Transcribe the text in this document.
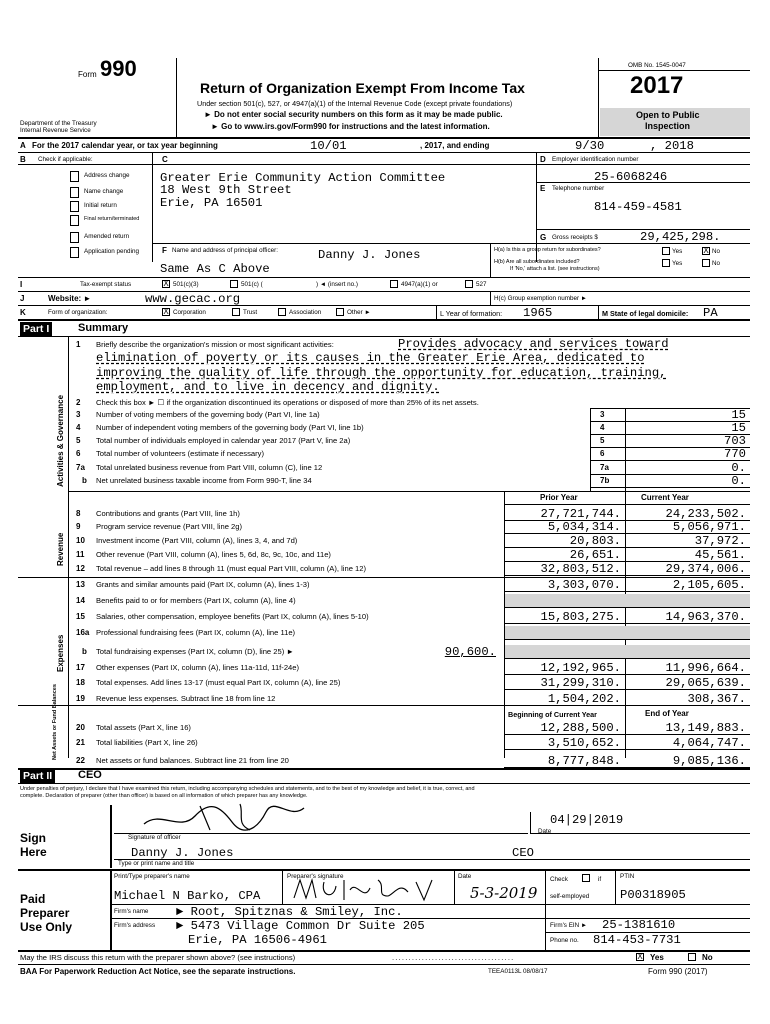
Form 990
Department of the Treasury
Internal Revenue Service
Return of Organization Exempt From Income Tax
Under section 501(c), 527, or 4947(a)(1) of the Internal Revenue Code (except private foundations)
► Do not enter social security numbers on this form as it may be made public.
► Go to www.irs.gov/Form990 for instructions and the latest information.
OMB No. 1545-0047
2017
Open to Public
Inspection
A For the 2017 calendar year, or tax year beginning	10/01	, 2017, and ending	9/30	, 2018
B Check if applicable:	C	D Employer identification number
Address change
Name change
Initial return
Final return/terminated
Amended return
Application pending
Greater Erie Community Action Committee
18 West 9th Street
Erie, PA 16501
25-6068246
E Telephone number
814-459-4581
G Gross receipts $	29,425,298.
F Name and address of principal officer:	Danny J. Jones
Same As C Above
H(a) Is this a group return for subordinates?	Yes	X No
H(b) Are all subordinates included?
If 'No,' attach a list. (see instructions)
Yes	No
I	Tax-exempt status	X 501(c)(3)	501(c) (	) ◄ (insert no.)	4947(a)(1) or	527
J	Website: ►	www.gecac.org	H(c) Group exemption number ►
K	Form of organization:	X Corporation	Trust	Association	Other ►	L Year of formation: 1965	M State of legal domicile: PA
Part I	Summary
Activities & Governance
Revenue
Expenses
Net Assets or Fund Balances
1 Briefly describe the organization's mission or most significant activities:	Provides advocacy and services toward
elimination of poverty or its causes in the Greater Erie Area, dedicated to
improving the quality of life through the opportunity for education, training,
employment, and to live in decency and dignity.
2 Check this box ► ☐ if the organization discontinued its operations or disposed of more than 25% of its net assets.
3 Number of voting members of the governing body (Part VI, line 1a)	3	15
4 Number of independent voting members of the governing body (Part VI, line 1b)	4	15
5 Total number of individuals employed in calendar year 2017 (Part V, line 2a)	5	703
6 Total number of volunteers (estimate if necessary)	6	770
7a Total unrelated business revenue from Part VIII, column (C), line 12	7a	0.
b Net unrelated business taxable income from Form 990-T, line 34	7b	0.
Prior Year	Current Year
8 Contributions and grants (Part VIII, line 1h)	27,721,744.	24,233,502.
9 Program service revenue (Part VIII, line 2g)	5,034,314.	5,056,971.
10 Investment income (Part VIII, column (A), lines 3, 4, and 7d)	20,803.	37,972.
11 Other revenue (Part VIII, column (A), lines 5, 6d, 8c, 9c, 10c, and 11e)	26,651.	45,561.
12 Total revenue – add lines 8 through 11 (must equal Part VIII, column (A), line 12)	32,803,512.	29,374,006.
13 Grants and similar amounts paid (Part IX, column (A), lines 1-3)	3,303,070.	2,105,605.
14 Benefits paid to or for members (Part IX, column (A), line 4)
15 Salaries, other compensation, employee benefits (Part IX, column (A), lines 5-10)	15,803,275.	14,963,370.
16a Professional fundraising fees (Part IX, column (A), line 11e)
b Total fundraising expenses (Part IX, column (D), line 25) ►	90,600.
17 Other expenses (Part IX, column (A), lines 11a-11d, 11f-24e)	12,192,965.	11,996,664.
18 Total expenses. Add lines 13-17 (must equal Part IX, column (A), line 25)	31,299,310.	29,065,639.
19 Revenue less expenses. Subtract line 18 from line 12	1,504,202.	308,367.
Beginning of Current Year	End of Year
20 Total assets (Part X, line 16)	12,288,500.	13,149,883.
21 Total liabilities (Part X, line 26)	3,510,652.	4,064,747.
22 Net assets or fund balances. Subtract line 21 from line 20	8,777,848.	9,085,136.
Part II CEO
Under penalties of perjury, I declare that I have examined this return, including accompanying schedules and statements, and to the best of my knowledge and belief, it is true, correct, and
complete. Declaration of preparer (other than officer) is based on all information of which preparer has any knowledge.
Sign
Here
Signature of officer
04|29|2019
Date
Danny J. Jones	CEO
Type or print name and title
Paid
Preparer
Use Only
Print/Type preparer's name	Preparer's signature	Date	Check	if
self-employed
PTIN
Michael N Barko, CPA	5-3-2019	P00318905
Firm's name ► Root, Spitznas & Smiley, Inc.
Firm's address ► 5473 Village Common Dr Suite 205
Erie, PA 16506-4961
Firm's EIN ► 25-1381610
Phone no. 814-453-7731
May the IRS discuss this return with the preparer shown above? (see instructions)	.....................................	X Yes	No
BAA For Paperwork Reduction Act Notice, see the separate instructions.	TEEA0113L 08/08/17	Form 990 (2017)
